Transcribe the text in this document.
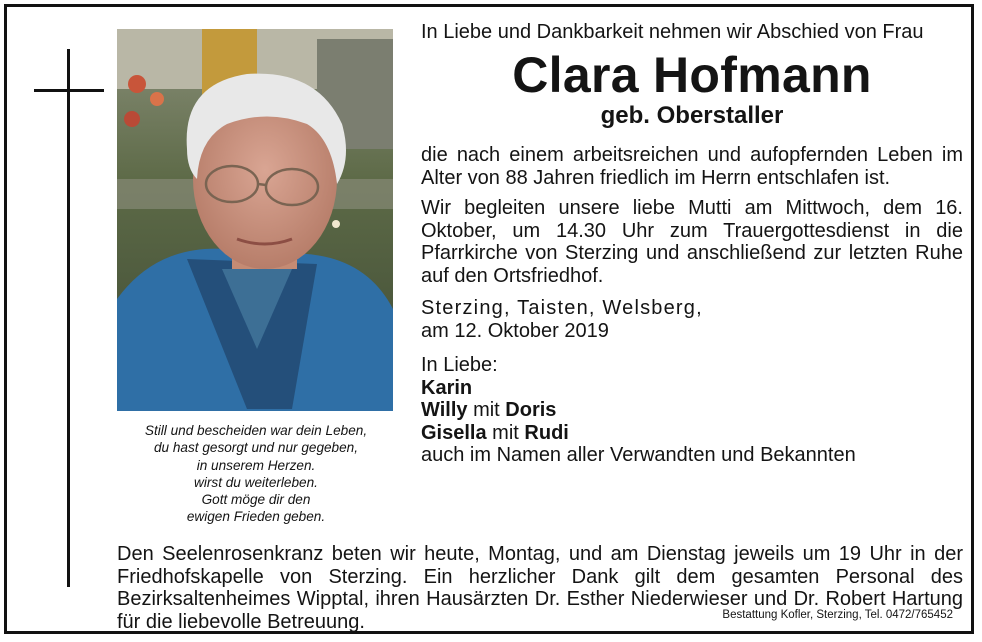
Still und bescheiden war dein Leben,
du hast gesorgt und nur gegeben,
in unserem Herzen.
wirst du weiterleben.
Gott möge dir den
ewigen Frieden geben.

In Liebe und Dankbarkeit nehmen wir Abschied von Frau

Clara Hofmann
geb. Oberstaller
die nach einem arbeitsreichen und aufopfernden Leben im Alter von 88 Jahren friedlich im Herrn entschlafen ist.
Wir begleiten unsere liebe Mutti am Mittwoch, dem 16. Oktober, um 14.30 Uhr zum Trauergottesdienst in die Pfarrkirche von Sterzing und anschließend zur letzten Ruhe auf den Ortsfriedhof.
Sterzing, Taisten, Welsberg,
am 12. Oktober 2019
In Liebe:
Karin
Willy mit Doris
Gisella mit Rudi
auch im Namen aller Verwandten und Bekannten
Den Seelenrosenkranz beten wir heute, Montag, und am Dienstag jeweils um 19 Uhr in der Friedhofskapelle von Sterzing. Ein herzlicher Dank gilt dem gesamten Personal des Bezirksaltenheimes Wipptal, ihren Hausärzten Dr. Esther Niederwieser und Dr. Robert Hartung für die liebevolle Betreuung.	Bestattung Kofler, Sterzing, Tel. 0472/765452
